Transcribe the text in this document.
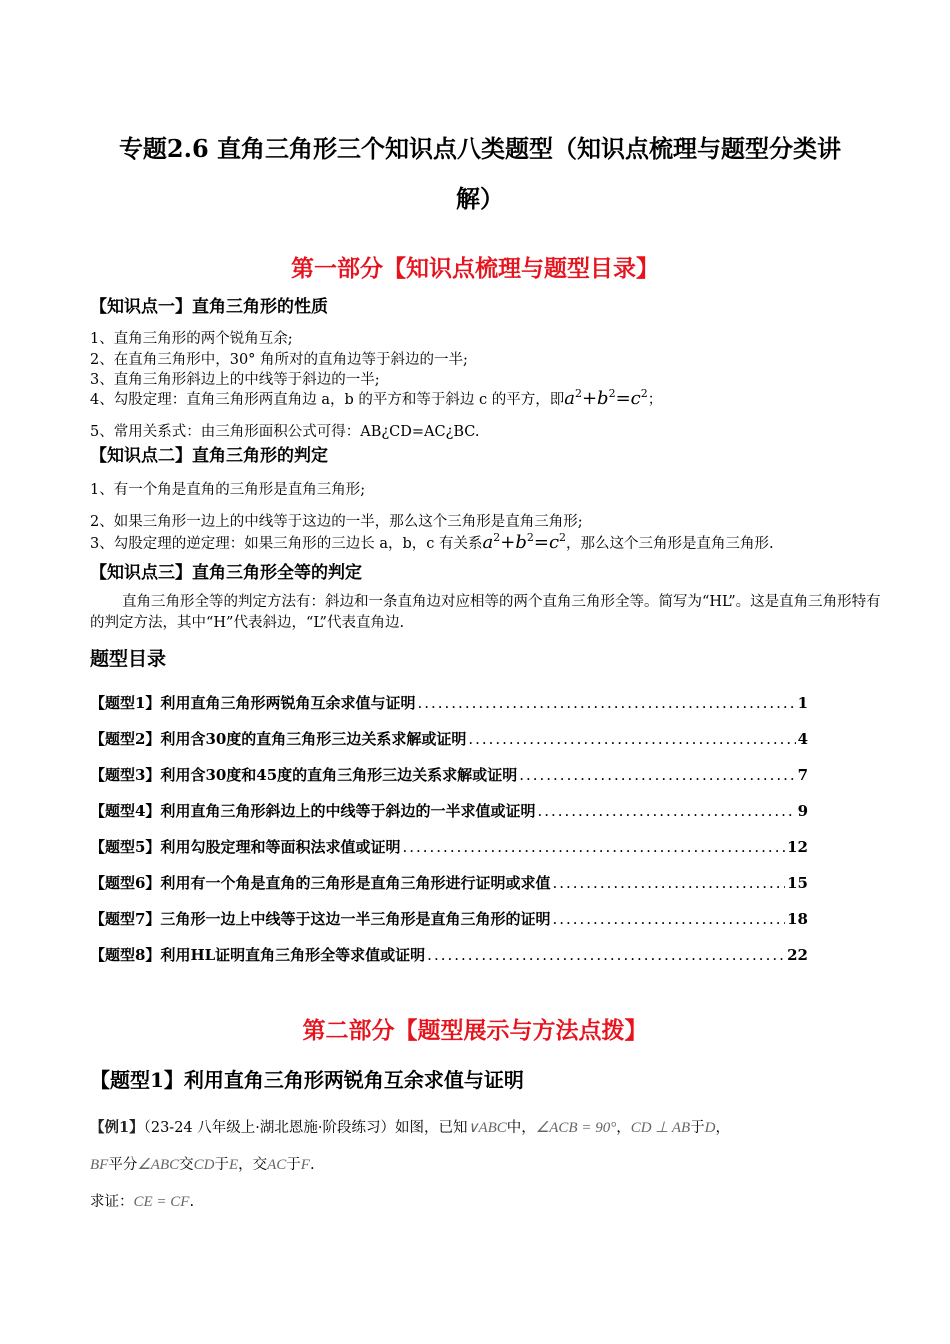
专题2.6 直角三角形三个知识点八类题型（知识点梳理与题型分类讲
解）
第一部分【知识点梳理与题型目录】
【知识点一】直角三角形的性质
1、直角三角形的两个锐角互余;
2、在直角三角形中，30° 角所对的直角边等于斜边的一半;
3、直角三角形斜边上的中线等于斜边的一半;
4、勾股定理：直角三角形两直角边 a，b 的平方和等于斜边 c 的平方，即$a^2+b^2=c^2$；
5、常用关系式：由三角形面积公式可得：AB¿CD=AC¿BC.
【知识点二】直角三角形的判定
1、有一个角是直角的三角形是直角三角形;
2、如果三角形一边上的中线等于这边的一半，那么这个三角形是直角三角形;
3、勾股定理的逆定理：如果三角形的三边长 a，b，c 有关系$a^2+b^2=c^2$，那么这个三角形是直角三角形.
【知识点三】直角三角形全等的判定
直角三角形全等的判定方法有：斜边和一条直角边对应相等的两个直角三角形全等。简写为“HL”。这是直角三角形特有的判定方法，其中“H”代表斜边，“L”代表直角边.
题型目录
【题型1】利用直角三角形两锐角互余求值与证明 .....	1
【题型2】利用含30度的直角三角形三边关系求解或证明 .....	4
【题型3】利用含30度和45度的直角三角形三边关系求解或证明 .....	7
【题型4】利用直角三角形斜边上的中线等于斜边的一半求值或证明 .....	9
【题型5】利用勾股定理和等面积法求值或证明 .....	12
【题型6】利用有一个角是直角的三角形是直角三角形进行证明或求值 .....	15
【题型7】三角形一边上中线等于这边一半三角形是直角三角形的证明 .....	18
【题型8】利用HL证明直角三角形全等求值或证明 .....	22
第二部分【题型展示与方法点拨】
【题型1】利用直角三角形两锐角互余求值与证明
【例1】（23-24 八年级上·湖北恩施·阶段练习）如图，已知∨ABC中，∠ACB = 90°，CD ⊥ AB于D，
BF平分∠ABC交CD于E，交AC于F.
求证：CE = CF.
